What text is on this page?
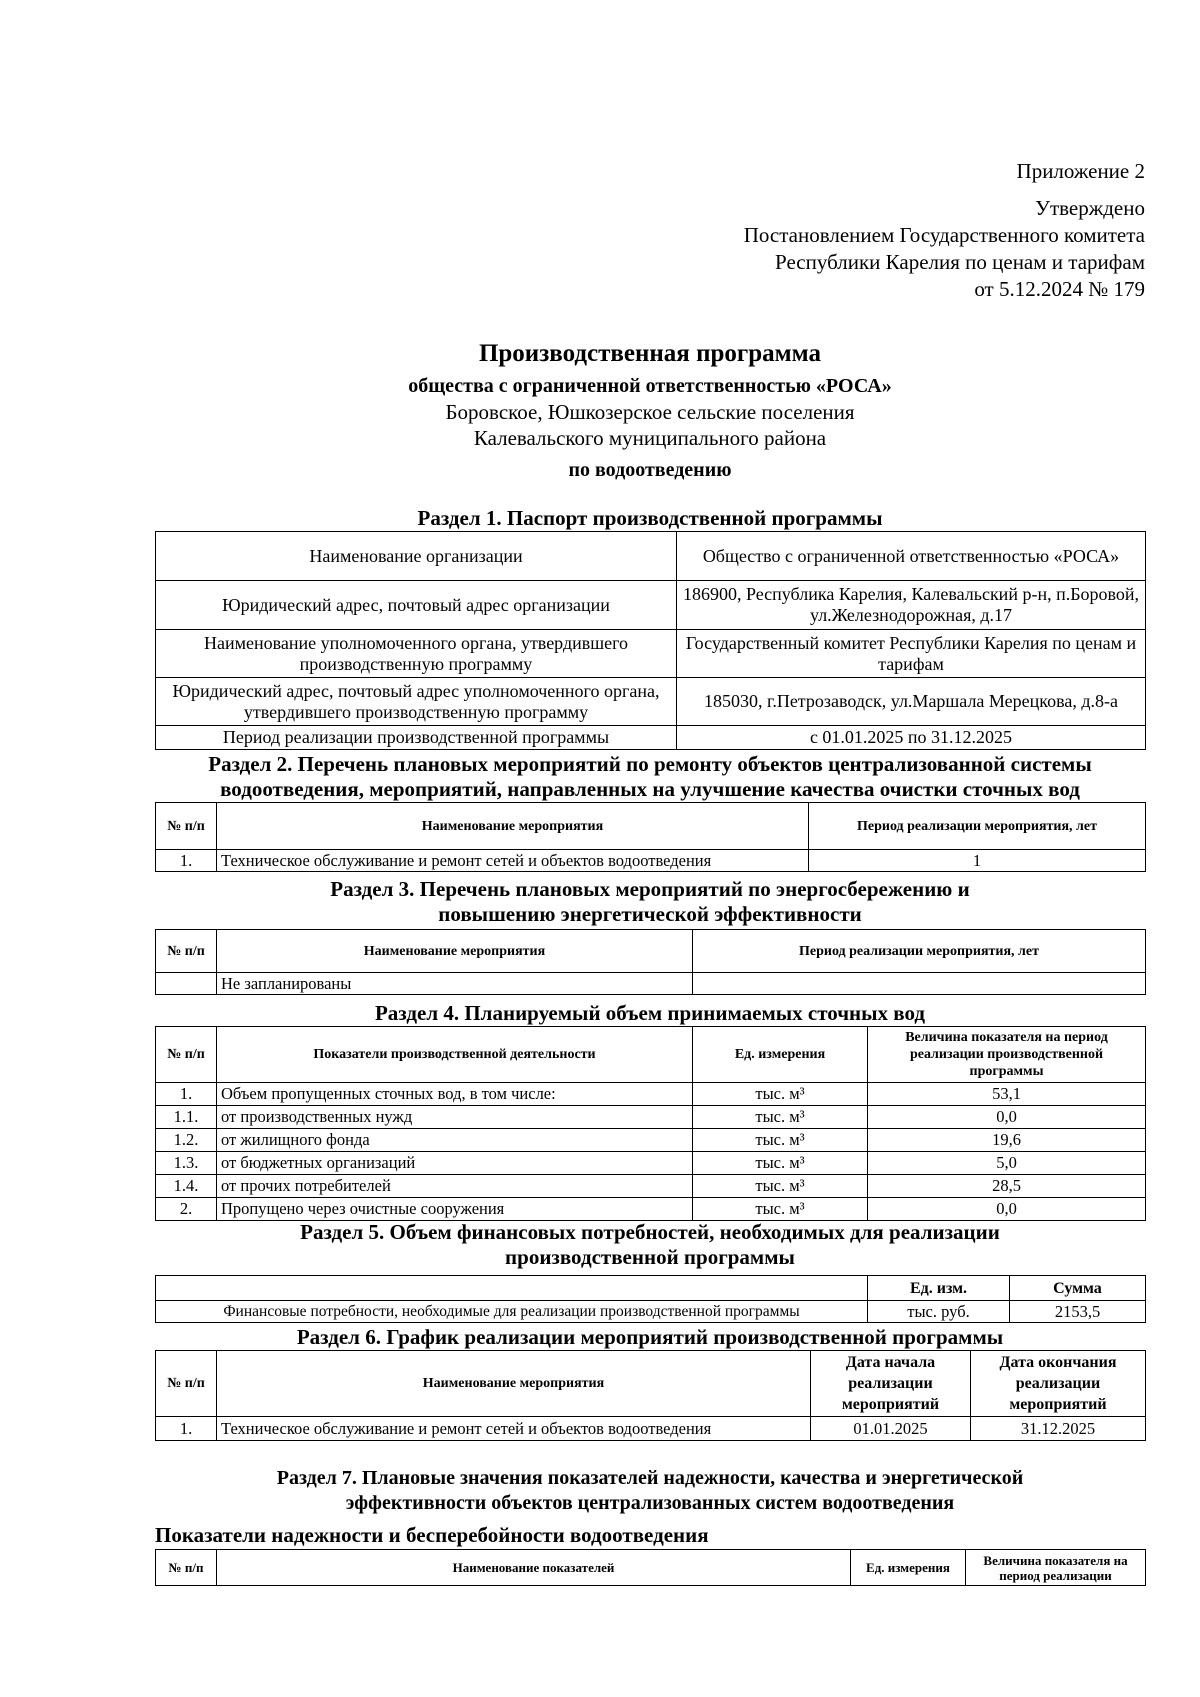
Приложение 2
Утверждено
Постановлением Государственного комитета
Республики Карелия по ценам и тарифам
от 5.12.2024 № 179
Производственная программа
общества с ограниченной ответственностью «РОСА»
Боровское, Юшкозерское сельские поселения
Калевальского муниципального района
по водоотведению
Раздел 1. Паспорт производственной программы
Наименование организации	Общество с ограниченной ответственностью «РОСА»
Юридический адрес, почтовый адрес организации	186900, Республика Карелия, Калевальский р-н, п.Боровой, ул.Железнодорожная, д.17
Наименование уполномоченного органа, утвердившего производственную программу	Государственный комитет Республики Карелия по ценам и тарифам
Юридический адрес, почтовый адрес уполномоченного органа, утвердившего производственную программу	185030, г.Петрозаводск, ул.Маршала Мерецкова, д.8-а
Период реализации производственной программы	с 01.01.2025 по 31.12.2025
Раздел 2. Перечень плановых мероприятий по ремонту объектов централизованной системы водоотведения, мероприятий, направленных на улучшение качества очистки сточных вод
№ п/п	Наименование мероприятия	Период реализации мероприятия, лет
1.	Техническое обслуживание и ремонт сетей и объектов водоотведения	1
Раздел 3. Перечень плановых мероприятий по энергосбережению и повышению энергетической эффективности
№ п/п	Наименование мероприятия	Период реализации мероприятия, лет
	Не запланированы	
Раздел 4. Планируемый объем принимаемых сточных вод
№ п/п	Показатели производственной деятельности	Ед. измерения	Величина показателя на период реализации производственной программы
1.	Объем пропущенных сточных вод, в том числе:	тыс. м³	53,1
1.1.	от производственных нужд	тыс. м³	0,0
1.2.	от жилищного фонда	тыс. м³	19,6
1.3.	от бюджетных организаций	тыс. м³	5,0
1.4.	от прочих потребителей	тыс. м³	28,5
2.	Пропущено через очистные сооружения	тыс. м³	0,0
Раздел 5. Объем финансовых потребностей, необходимых для реализации производственной программы
	Ед. изм.	Сумма
Финансовые потребности, необходимые для реализации производственной программы	тыс. руб.	2153,5
Раздел 6. График реализации мероприятий производственной программы
№ п/п	Наименование мероприятия	Дата начала реализации мероприятий	Дата окончания реализации мероприятий
1.	Техническое обслуживание и ремонт сетей и объектов водоотведения	01.01.2025	31.12.2025
Раздел 7. Плановые значения показателей надежности, качества и энергетической эффективности объектов централизованных систем водоотведения
Показатели надежности и бесперебойности водоотведения
№ п/п	Наименование показателей	Ед. измерения	Величина показателя на период реализации
